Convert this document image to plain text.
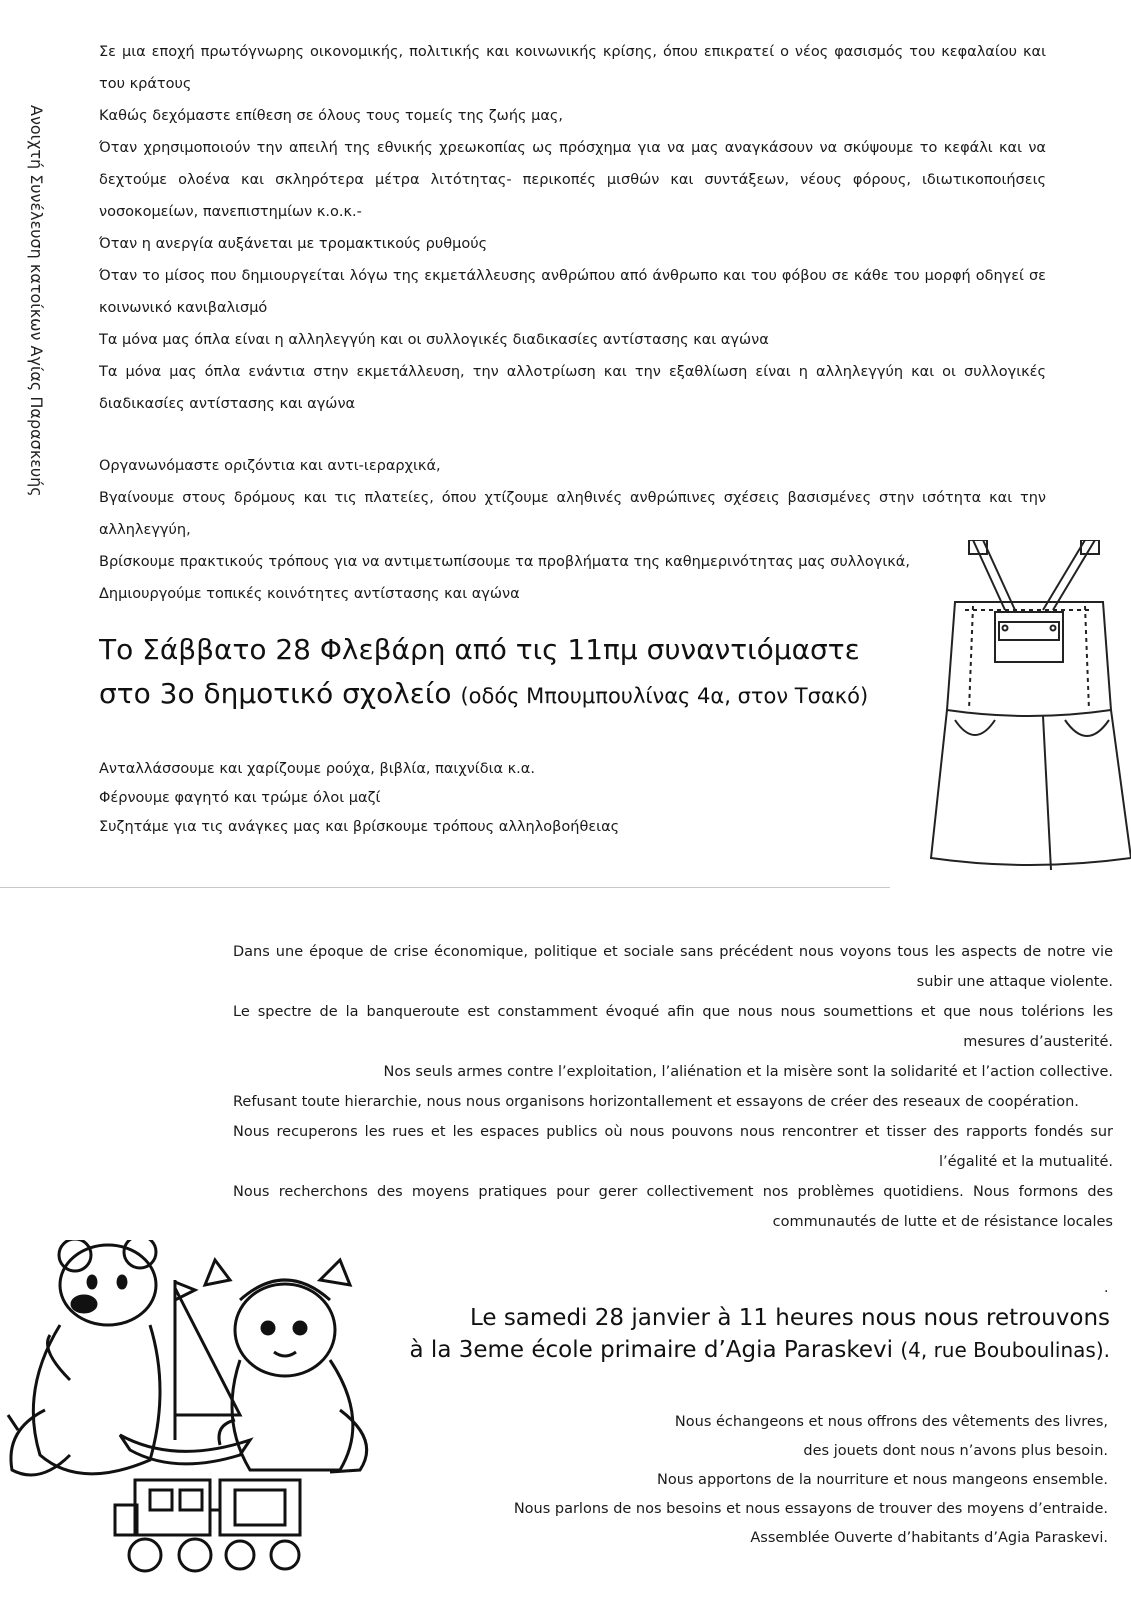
Ανοιχτή Συνέλευση κατοίκων Αγίας Παρασκευής

Σε μια εποχή πρωτόγνωρης οικονομικής, πολιτικής και κοινωνικής κρίσης, όπου επικρατεί ο νέος φασισμός του κεφαλαίου και του κράτους

Καθώς δεχόμαστε επίθεση σε όλους τους τομείς της ζωής μας,

Όταν χρησιμοποιούν την απειλή της εθνικής χρεωκοπίας ως πρόσχημα για να μας αναγκάσουν να σκύψουμε το κεφάλι και να δεχτούμε ολοένα και σκληρότερα μέτρα λιτότητας- περικοπές μισθών και συντάξεων, νέους φόρους, ιδιωτικοποιήσεις νοσοκομείων, πανεπιστημίων κ.ο.κ.-

Όταν η ανεργία αυξάνεται με τρομακτικούς ρυθμούς

Όταν το μίσος που δημιουργείται λόγω της εκμετάλλευσης ανθρώπου από άνθρωπο και του φόβου σε κάθε του μορφή οδηγεί σε κοινωνικό κανιβαλισμό

Τα μόνα μας όπλα είναι η αλληλεγγύη και οι συλλογικές διαδικασίες αντίστασης και αγώνα

Τα μόνα μας όπλα ενάντια στην εκμετάλλευση, την αλλοτρίωση και την εξαθλίωση είναι η αλληλεγγύη και οι συλλογικές διαδικασίες αντίστασης και αγώνα

Οργανωνόμαστε οριζόντια και αντι-ιεραρχικά,

Βγαίνουμε στους δρόμους και τις πλατείες, όπου χτίζουμε αληθινές ανθρώπινες σχέσεις βασισμένες στην ισότητα και την αλληλεγγύη,

Βρίσκουμε πρακτικούς τρόπους για να αντιμετωπίσουμε τα προβλήματα της καθημερινότητας μας συλλογικά,

Δημιουργούμε τοπικές κοινότητες αντίστασης και αγώνα

Το Σάββατο 28 Φλεβάρη από τις 11πμ συναντιόμαστε
στο 3ο δημοτικό σχολείο (οδός Μπουμπουλίνας 4α, στον Τσακό)

Ανταλλάσσουμε και χαρίζουμε ρούχα, βιβλία, παιχνίδια κ.α.

Φέρνουμε φαγητό και τρώμε όλοι μαζί

Συζητάμε για τις ανάγκες μας και βρίσκουμε τρόπους αλληλοβοήθειας

Dans une époque de crise économique, politique et sociale sans précédent nous voyons tous les aspects de notre vie subir une attaque violente.

Le spectre de la banqueroute est constamment évoqué afin que nous nous soumettions et que nous tolérions les mesures d’austerité.

Nos seuls armes contre l’exploitation, l’aliénation et la misère sont la solidarité et l’action collective.

Refusant toute hierarchie, nous nous organisons horizontallement et essayons de créer des reseaux de coopération.

Nous recuperons les rues et les espaces publics où nous pouvons nous rencontrer et tisser des rapports fondés sur l’égalité et la mutualité.

Nous recherchons des moyens pratiques pour gerer collectivement nos problèmes quotidiens. Nous formons des communautés de lutte et de résistance locales

.

Le samedi 28 janvier à 11 heures nous nous retrouvons

à la 3eme école primaire d’Agia Paraskevi (4, rue Bouboulinas).

Nous échangeons et nous offrons des vêtements des livres,

des jouets dont nous n’avons plus besoin.

Nous apportons de la nourriture et nous mangeons ensemble.

Nous parlons de nos besoins et nous essayons de trouver des moyens d’entraide.

Assemblée Ouverte d’habitants d’Agia Paraskevi.
